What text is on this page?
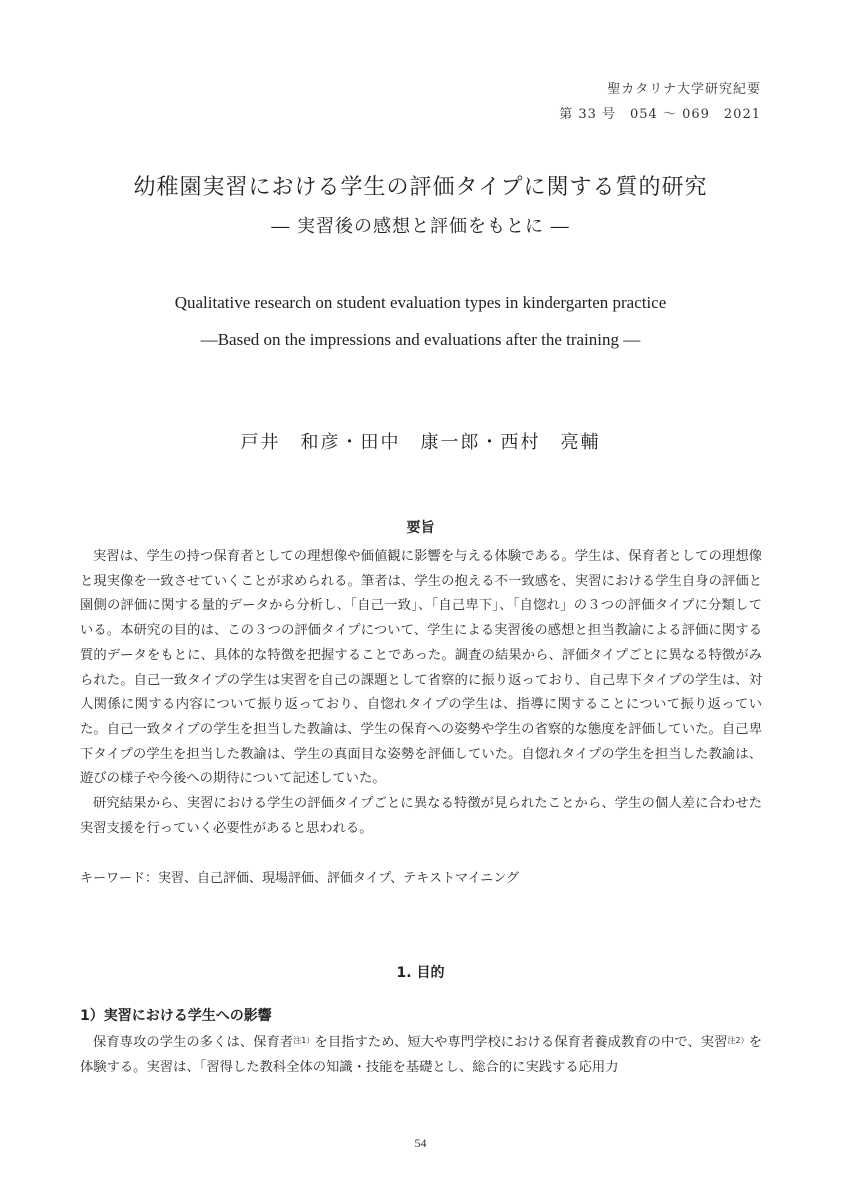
聖カタリナ大学研究紀要
第 33 号　054 ～ 069　2021
幼稚園実習における学生の評価タイプに関する質的研究
― 実習後の感想と評価をもとに ―
Qualitative research on student evaluation types in kindergarten practice
―Based on the impressions and evaluations after the training ―
戸井　和彦・田中　康一郎・西村　亮輔
要旨

実習は、学生の持つ保育者としての理想像や価値観に影響を与える体験である。学生は、保育者としての理想像と現実像を一致させていくことが求められる。筆者は、学生の抱える不一致感を、実習における学生自身の評価と園側の評価に関する量的データから分析し、「自己一致」、「自己卑下」、「自惚れ」の３つの評価タイプに分類している。本研究の目的は、この３つの評価タイプについて、学生による実習後の感想と担当教諭による評価に関する質的データをもとに、具体的な特徴を把握することであった。調査の結果から、評価タイプごとに異なる特徴がみられた。自己一致タイプの学生は実習を自己の課題として省察的に振り返っており、自己卑下タイプの学生は、対人関係に関する内容について振り返っており、自惚れタイプの学生は、指導に関することについて振り返っていた。自己一致タイプの学生を担当した教諭は、学生の保育への姿勢や学生の省察的な態度を評価していた。自己卑下タイプの学生を担当した教諭は、学生の真面目な姿勢を評価していた。自惚れタイプの学生を担当した教諭は、遊びの様子や今後への期待について記述していた。

研究結果から、実習における学生の評価タイプごとに異なる特徴が見られたことから、学生の個人差に合わせた実習支援を行っていく必要性があると思われる。

キーワード：実習、自己評価、現場評価、評価タイプ、テキストマイニング
1. 目的
1）実習における学生への影響

保育専攻の学生の多くは、保育者$^{注1)}$を目指すため、短大や専門学校における保育者養成教育の中で、実習$^{注2)}$を体験する。実習は、「習得した教科全体の知識・技能を基礎とし、総合的に実践する応用力

54
